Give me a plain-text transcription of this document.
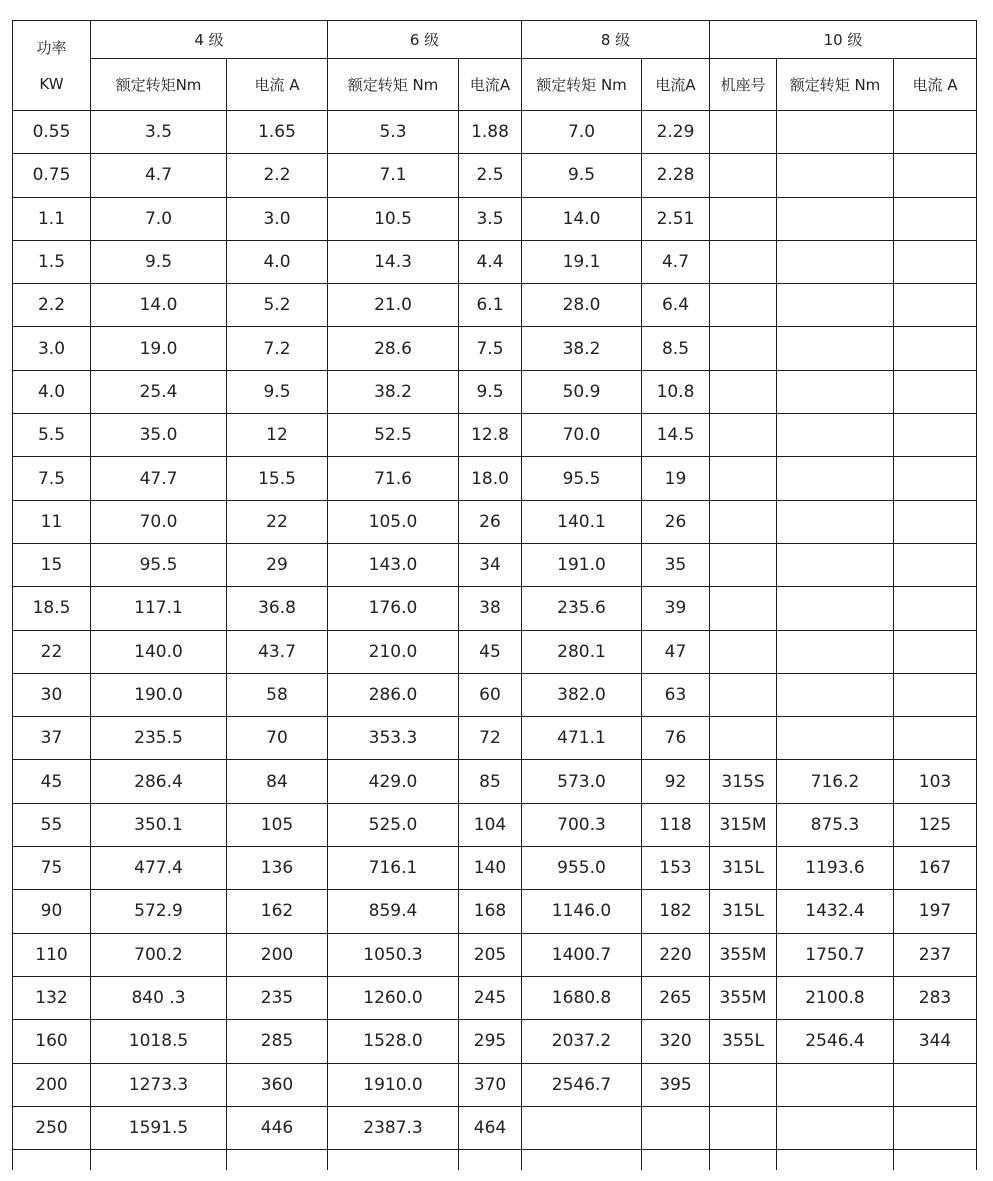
功率
KW	4 级		6 级		8 级		10 级		
	额定转矩Nm	电流 A	额定转矩 Nm	电流A	额定转矩 Nm	电流A	机座号	额定转矩 Nm	电流 A
0.55	3.5	1.65	5.3	1.88	7.0	2.29			
0.75	4.7	2.2	7.1	2.5	9.5	2.28			
1.1	7.0	3.0	10.5	3.5	14.0	2.51			
1.5	9.5	4.0	14.3	4.4	19.1	4.7			
2.2	14.0	5.2	21.0	6.1	28.0	6.4			
3.0	19.0	7.2	28.6	7.5	38.2	8.5			
4.0	25.4	9.5	38.2	9.5	50.9	10.8			
5.5	35.0	12	52.5	12.8	70.0	14.5			
7.5	47.7	15.5	71.6	18.0	95.5	19			
11	70.0	22	105.0	26	140.1	26			
15	95.5	29	143.0	34	191.0	35			
18.5	117.1	36.8	176.0	38	235.6	39			
22	140.0	43.7	210.0	45	280.1	47			
30	190.0	58	286.0	60	382.0	63			
37	235.5	70	353.3	72	471.1	76			
45	286.4	84	429.0	85	573.0	92	315S	716.2	103
55	350.1	105	525.0	104	700.3	118	315M	875.3	125
75	477.4	136	716.1	140	955.0	153	315L	1193.6	167
90	572.9	162	859.4	168	1146.0	182	315L	1432.4	197
110	700.2	200	1050.3	205	1400.7	220	355M	1750.7	237
132	840 .3	235	1260.0	245	1680.8	265	355M	2100.8	283
160	1018.5	285	1528.0	295	2037.2	320	355L	2546.4	344
200	1273.3	360	1910.0	370	2546.7	395			
250	1591.5	446	2387.3	464					
